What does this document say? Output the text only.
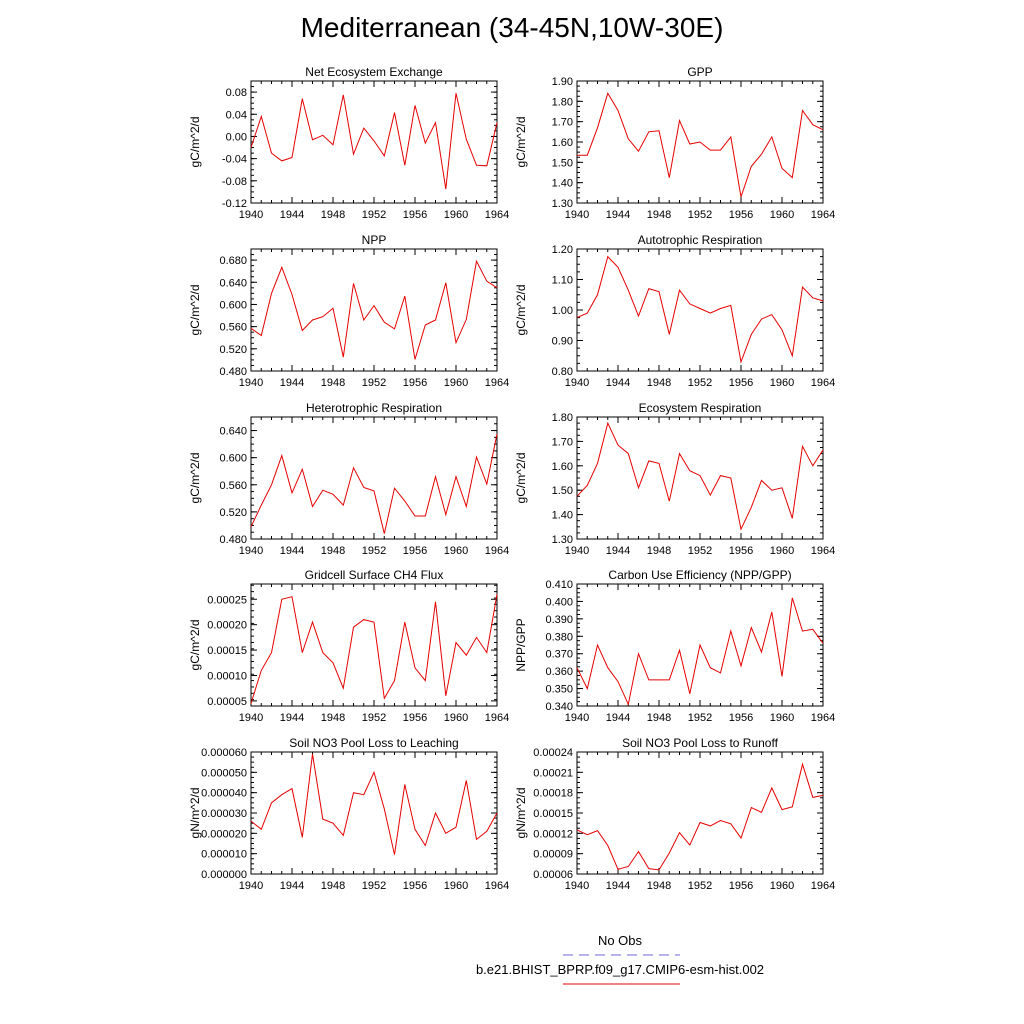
Mediterranean (34-45N,10W-30E)
Net Ecosystem Exchange
gC/m^2/d
1940 1944 1948 1952 1956 1960 1964
-0.12
-0.08
-0.04
0.00
0.04
0.08
GPP
gC/m^2/d
1940 1944 1948 1952 1956 1960 1964
1.30
1.40
1.50
1.60
1.70
1.80
1.90
NPP
gC/m^2/d
1940 1944 1948 1952 1956 1960 1964
0.480
0.520
0.560
0.600
0.640
0.680
Autotrophic Respiration
gC/m^2/d
1940 1944 1948 1952 1956 1960 1964
0.80
0.90
1.00
1.10
1.20
Heterotrophic Respiration
gC/m^2/d
1940 1944 1948 1952 1956 1960 1964
0.480
0.520
0.560
0.600
0.640
Ecosystem Respiration
gC/m^2/d
1940 1944 1948 1952 1956 1960 1964
1.30
1.40
1.50
1.60
1.70
1.80
Gridcell Surface CH4 Flux
gC/m^2/d
1940 1944 1948 1952 1956 1960 1964
0.00005
0.00010
0.00015
0.00020
0.00025
Carbon Use Efficiency (NPP/GPP)
NPP/GPP
1940 1944 1948 1952 1956 1960 1964
0.340
0.350
0.360
0.370
0.380
0.390
0.400
0.410
Soil NO3 Pool Loss to Leaching
gN/m^2/d
1940 1944 1948 1952 1956 1960 1964
0.000000
0.000010
0.000020
0.000030
0.000040
0.000050
0.000060
Soil NO3 Pool Loss to Runoff
gN/m^2/d
1940 1944 1948 1952 1956 1960 1964
0.00006
0.00009
0.00012
0.00015
0.00018
0.00021
0.00024
No Obs
b.e21.BHIST_BPRP.f09_g17.CMIP6-esm-hist.002
